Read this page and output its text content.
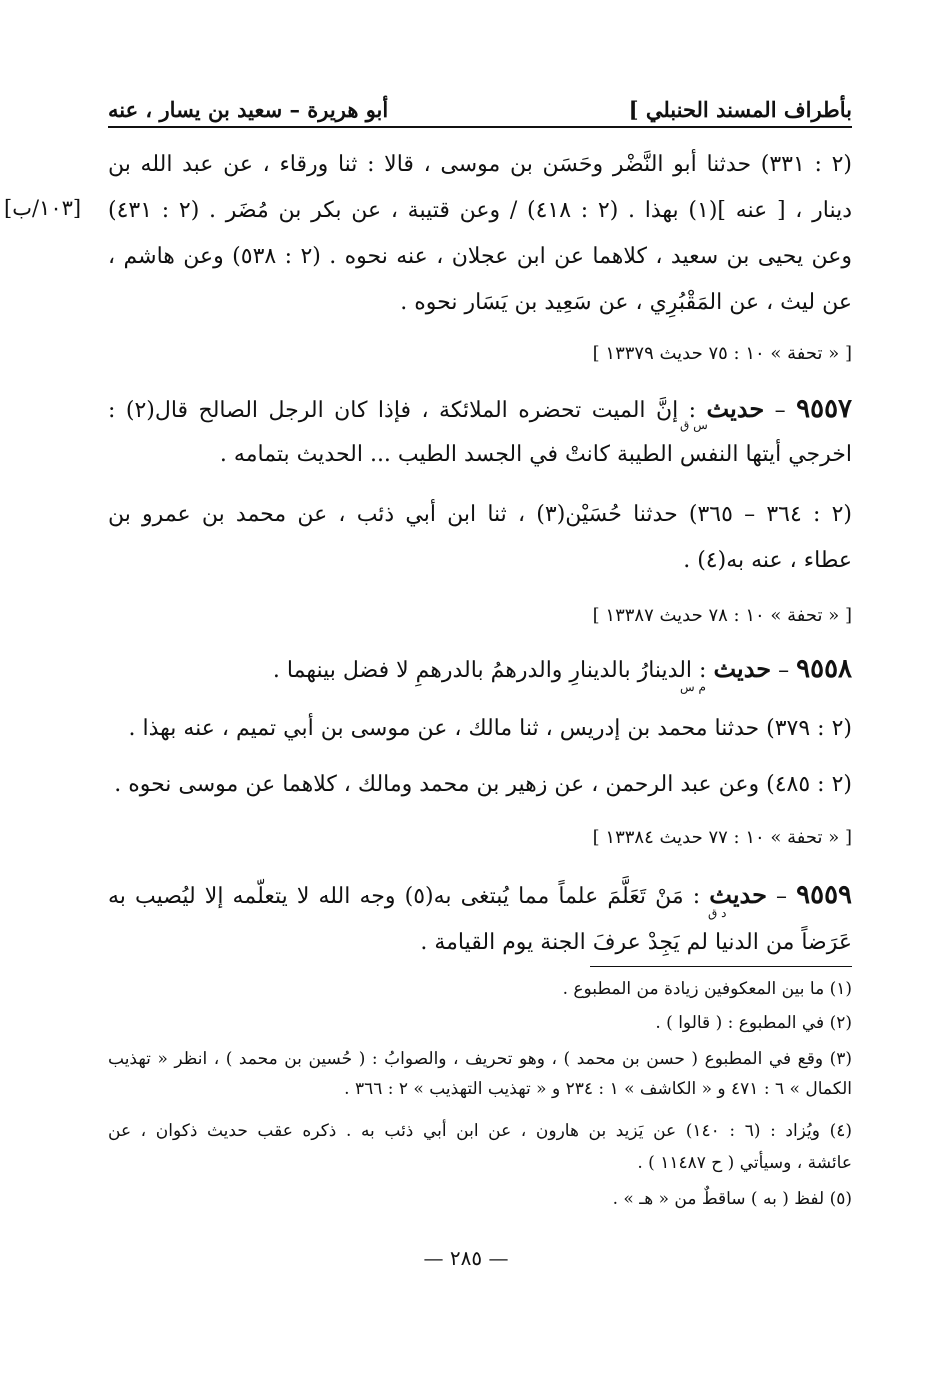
بأطراف المسند الحنبلي ]
أبو هريرة – سعيد بن يسار ، عنه
[١٠٣/ب]
(٢ : ٣٣١) حدثنا أبو النَّضْر وحَسَن بن موسى ، قالا : ثنا ورقاء ، عن عبد الله بن
دينار ، [ عنه ](١) بهذا . (٢ : ٤١٨) / وعن قتيبة ، عن بكر بن مُضَر . (٢ : ٤٣١)
وعن يحيى بن سعيد ، كلاهما عن ابن عجلان ، عنه نحوه . (٢ : ٥٣٨) وعن هاشم ،
عن ليث ، عن المَقْبُرِي ، عن سَعِيد بن يَسَار نحوه .
[ « تحفة » ١٠ : ٧٥ حديث ١٣٣٧٩ ]
٩٥٥٧ – حديث : إنَّ الميت تحضره الملائكة ، فإذا كان الرجل الصالح قال(٢) :
س ق
اخرجي أيتها النفس الطيبة كانتْ في الجسد الطيب ... الحديث بتمامه .
(٢ : ٣٦٤ – ٣٦٥) حدثنا حُسَيْن(٣) ، ثنا ابن أبي ذئب ، عن محمد بن عمرو بن
عطاء ، عنه به(٤) .
[ « تحفة » ١٠ : ٧٨ حديث ١٣٣٨٧ ]
٩٥٥٨ – حديث : الدينارُ بالدينارِ والدرهمُ بالدرهمِ لا فضل بينهما .
م س
(٢ : ٣٧٩) حدثنا محمد بن إدريس ، ثنا مالك ، عن موسى بن أبي تميم ، عنه بهذا .
(٢ : ٤٨٥) وعن عبد الرحمن ، عن زهير بن محمد ومالك ، كلاهما عن موسى نحوه .
[ « تحفة » ١٠ : ٧٧ حديث ١٣٣٨٤ ]
٩٥٥٩ – حديث : مَنْ تَعَلَّمَ علماً مما يُبتغى به(٥) وجه الله لا يتعلّمه إلا ليُصيب به
د ق
عَرَضاً من الدنيا لم يَجِدْ عرفَ الجنة يوم القيامة .
(١) ما بين المعكوفين زيادة من المطبوع .
(٢) في المطبوع : ( قالوا ) .
(٣) وقع في المطبوع ( حسن بن محمد ) ، وهو تحريف ، والصوابُ : ( حُسين بن محمد ) ، انظر « تهذيب
الكمال » ٦ : ٤٧١ و « الكاشف » ١ : ٢٣٤ و « تهذيب التهذيب » ٢ : ٣٦٦ .
(٤) ويُزاد : (٦ : ١٤٠) عن يَزيد بن هارون ، عن ابن أبي ذئب به . ذكره عقب حديث ذكوان ، عن
عائشة ، وسيأتي ( ح ١١٤٨٧ ) .
(٥) لفظ ( به ) ساقطٌ من « هـ » .
— ٢٨٥ —
